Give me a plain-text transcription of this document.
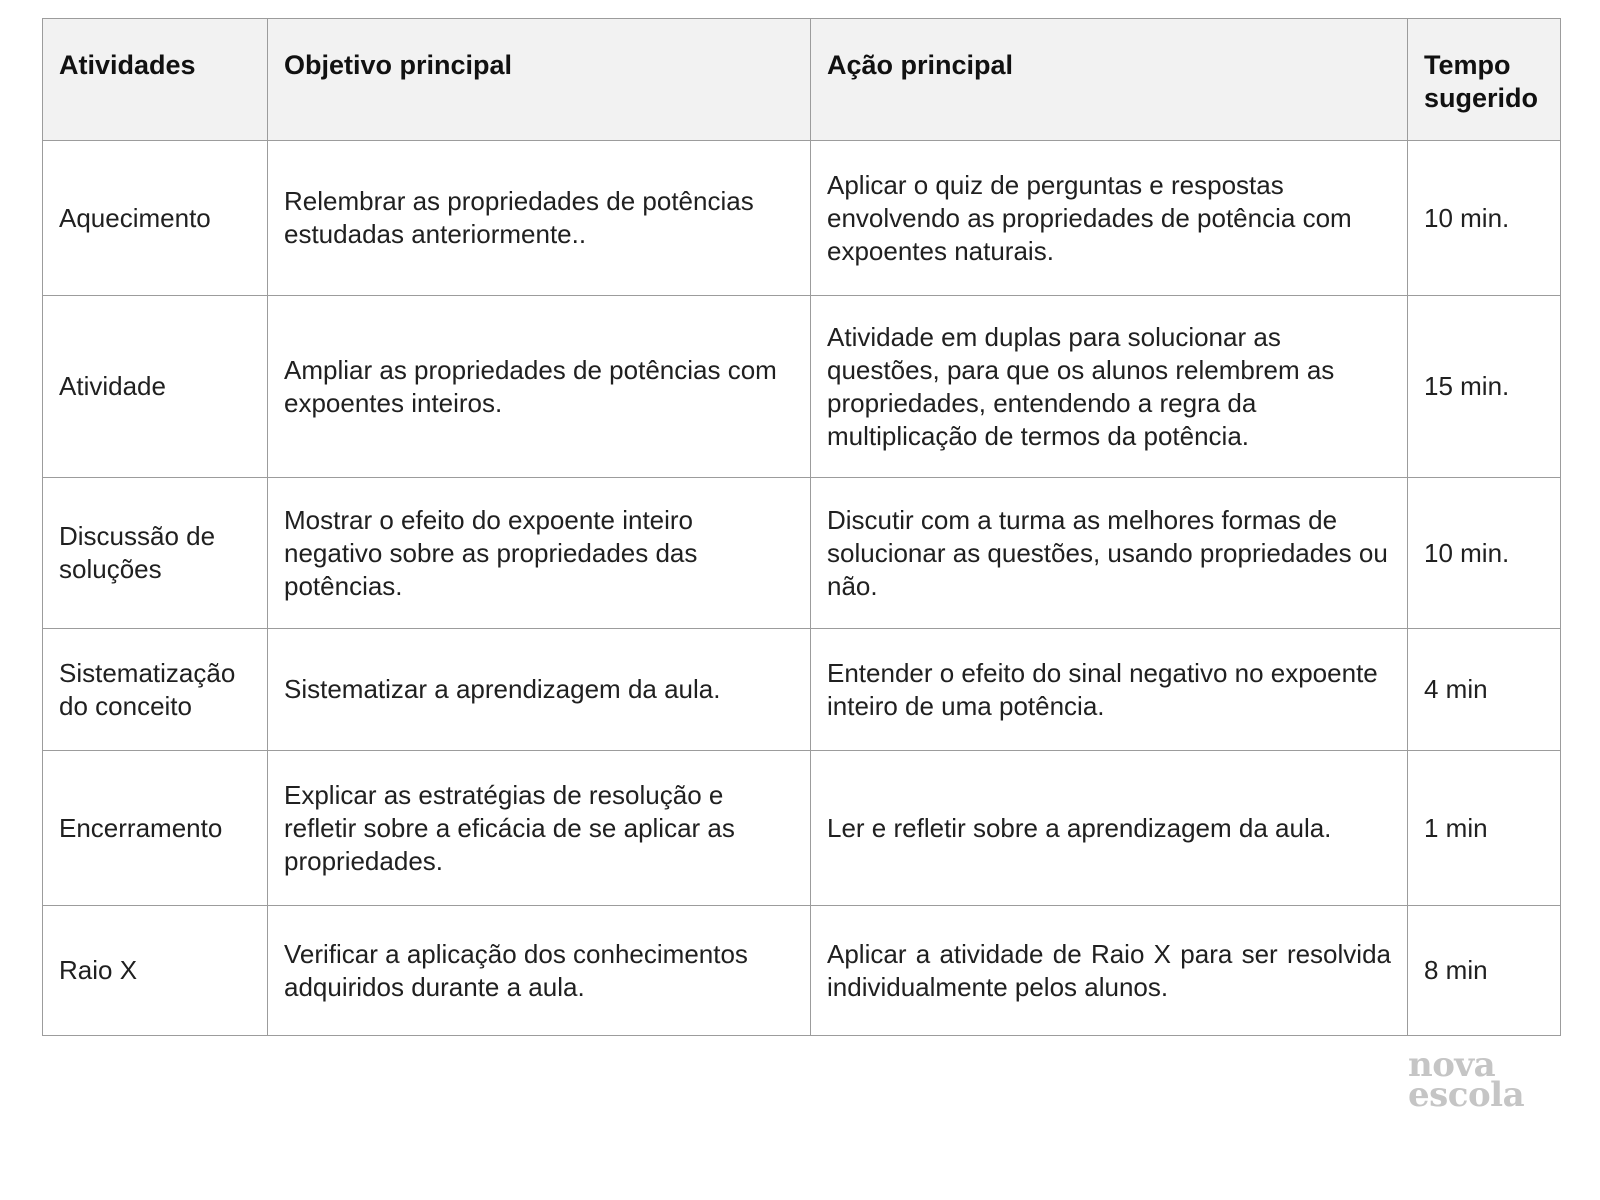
Atividades	Objetivo principal	Ação principal	Tempo sugerido
Aquecimento	Relembrar as propriedades de potências estudadas anteriormente..	Aplicar o quiz de perguntas e respostas envolvendo as propriedades de potência com expoentes naturais.	10 min.
Atividade	Ampliar as propriedades de potências com expoentes inteiros.	Atividade em duplas para solucionar as questões, para que os alunos relembrem as propriedades, entendendo a regra da multiplicação de termos da potência.	15 min.
Discussão de soluções	Mostrar o efeito do expoente inteiro negativo sobre as propriedades das potências.	Discutir com a turma as melhores formas de solucionar as questões, usando propriedades ou não.	10 min.
Sistematização do conceito	Sistematizar a aprendizagem da aula.	Entender o efeito do sinal negativo no expoente inteiro de uma potência.	4 min
Encerramento	Explicar as estratégias de resolução e refletir sobre a eficácia de se aplicar as propriedades.	Ler e refletir sobre a aprendizagem da aula.	1 min
Raio X	Verificar a aplicação dos conhecimentos adquiridos durante a aula.	Aplicar a atividade de Raio X para ser resolvida individualmente pelos alunos.	8 min
nova
escola
